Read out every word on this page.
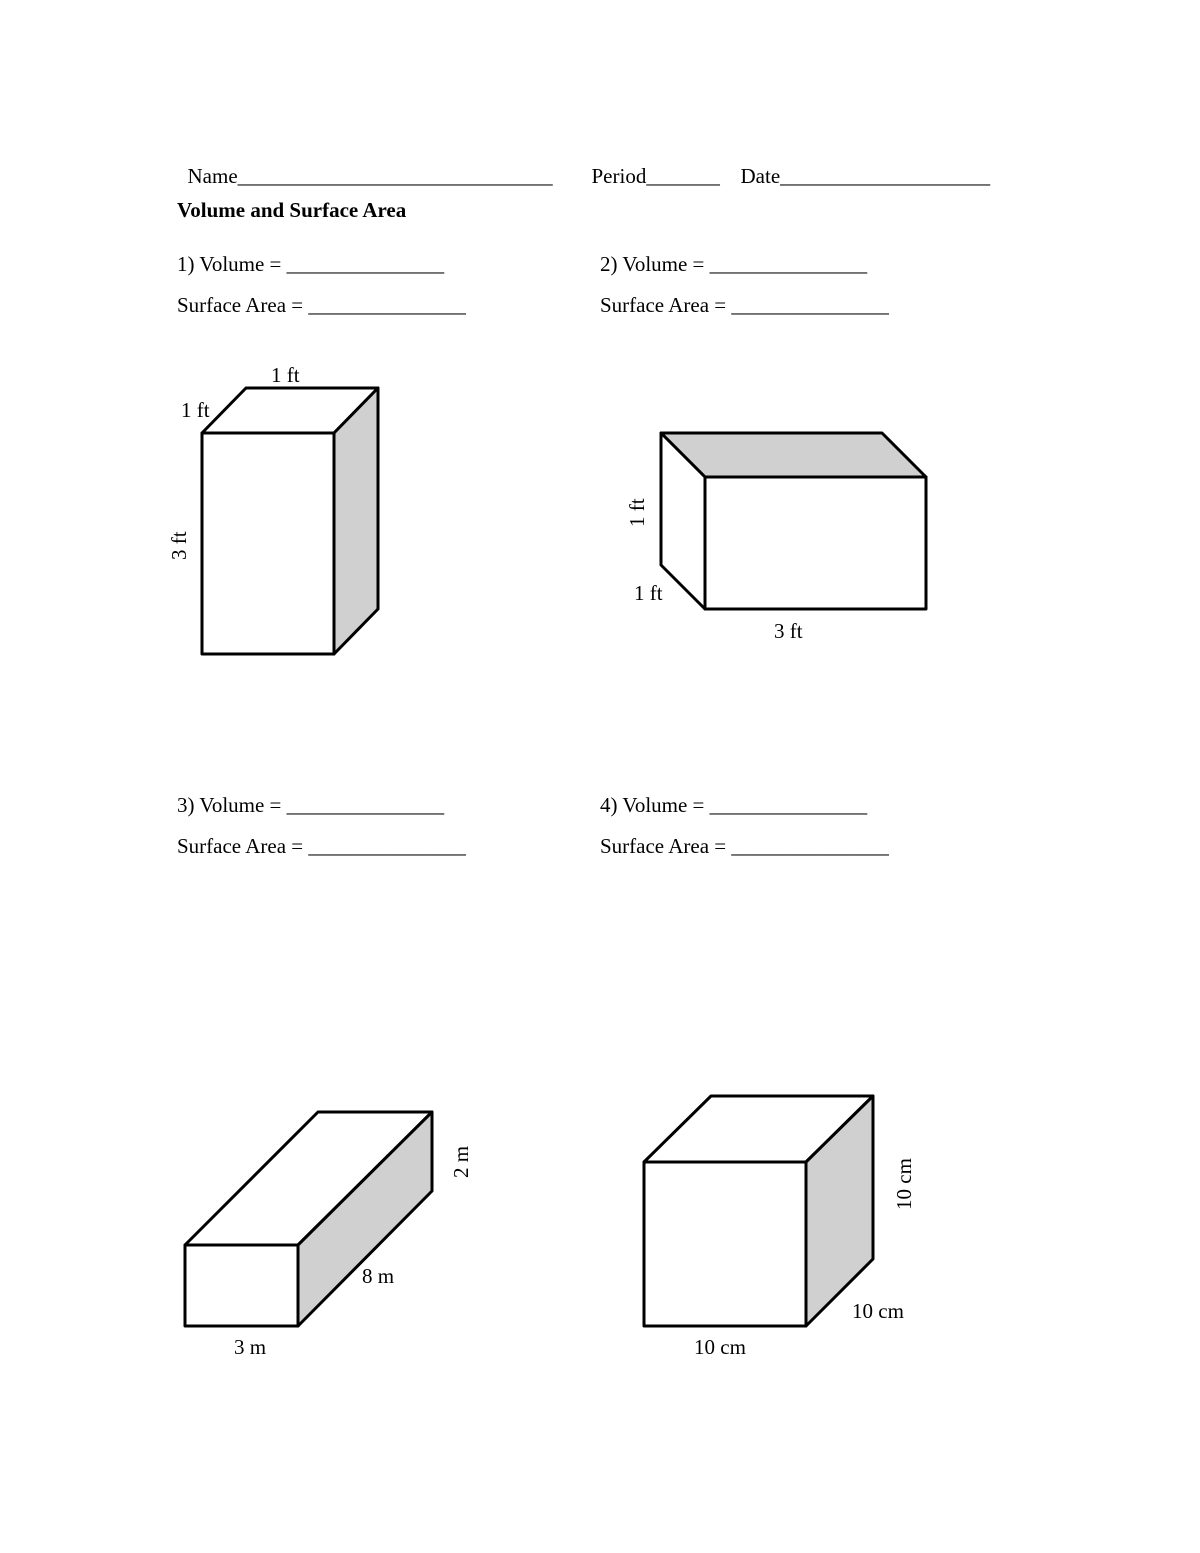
Name______________________________	Period_______ Date____________________

Volume and Surface Area
1) Volume = _______________
Surface Area = _______________
2) Volume = _______________
Surface Area = _______________
3) Volume = _______________
Surface Area = _______________
4) Volume = _______________
Surface Area = _______________
1 ft
1 ft
3 ft
1 ft
1 ft
3 ft
2 m
8 m
3 m
10 cm
10 cm
10 cm
